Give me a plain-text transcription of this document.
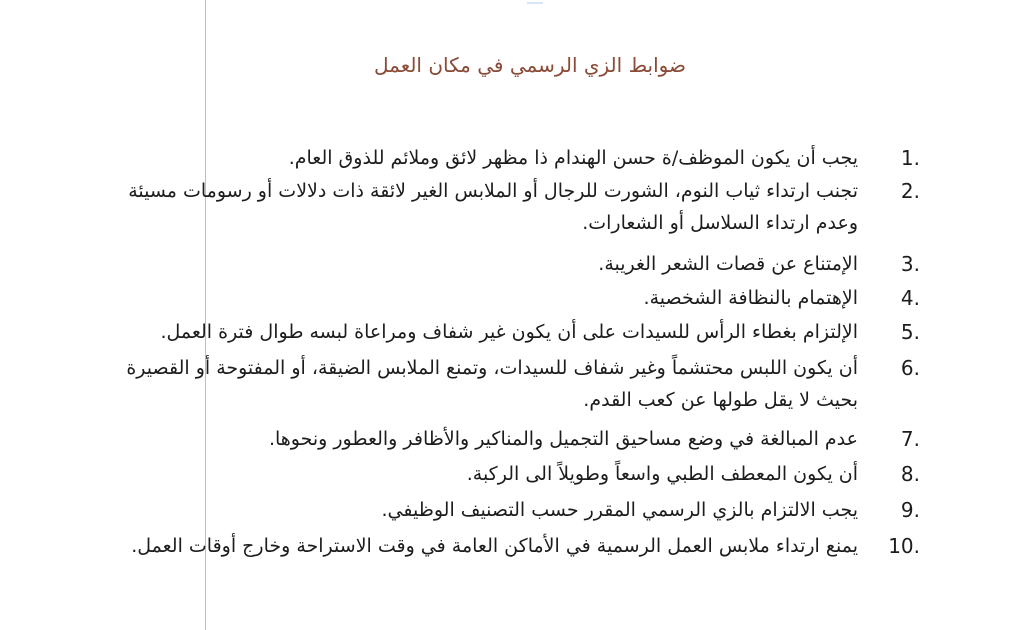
ضوابط الزي الرسمي في مكان العمل
1.
يجب أن يكون الموظف/ة حسن الهندام ذا مظهر لائق وملائم للذوق العام.
2.
تجنب ارتداء ثياب النوم، الشورت للرجال أو الملابس الغير لائقة ذات دلالات أو رسومات مسيئة وعدم ارتداء السلاسل أو الشعارات.
3.
الإمتناع عن قصات الشعر الغريبة.
4.
الإهتمام بالنظافة الشخصية.
5.
الإلتزام بغطاء الرأس للسيدات على أن يكون غير شفاف ومراعاة لبسه طوال فترة العمل.
6.
أن يكون اللبس محتشماً وغير شفاف للسيدات، وتمنع الملابس الضيقة، أو المفتوحة أو القصيرة بحيث لا يقل طولها عن كعب القدم.
7.
عدم المبالغة في وضع مساحيق التجميل والمناكير والأظافر والعطور ونحوها.
8.
أن يكون المعطف الطبي واسعاً وطويلاً الى الركبة.
9.
يجب الالتزام بالزي الرسمي المقرر حسب التصنيف الوظيفي.
10.
يمنع ارتداء ملابس العمل الرسمية في الأماكن العامة في وقت الاستراحة وخارج أوقات العمل.
